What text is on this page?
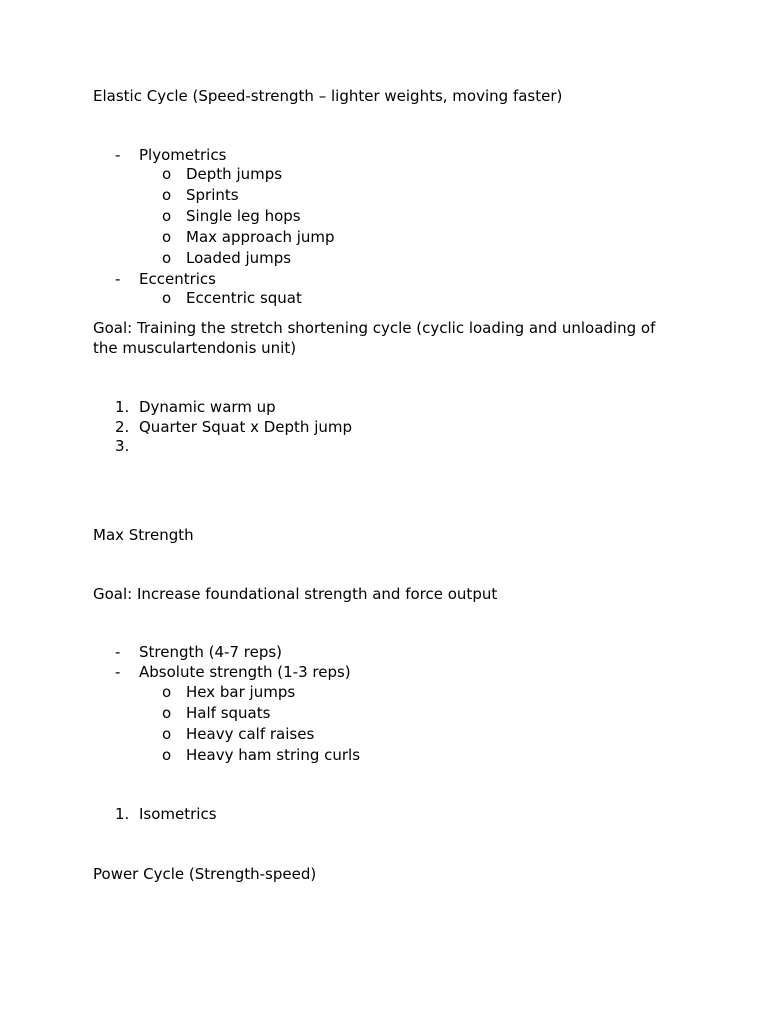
Elastic Cycle (Speed-strength – lighter weights, moving faster)
- Plyometrics
o Depth jumps
o Sprints
o Single leg hops
o Max approach jump
o Loaded jumps
- Eccentrics
o Eccentric squat
Goal: Training the stretch shortening cycle (cyclic loading and unloading of the musculartendonis unit)
1. Dynamic warm up
2. Quarter Squat x Depth jump
3.
Max Strength
Goal: Increase foundational strength and force output
- Strength (4-7 reps)
- Absolute strength (1-3 reps)
o Hex bar jumps
o Half squats
o Heavy calf raises
o Heavy ham string curls
1. Isometrics
Power Cycle (Strength-speed)
